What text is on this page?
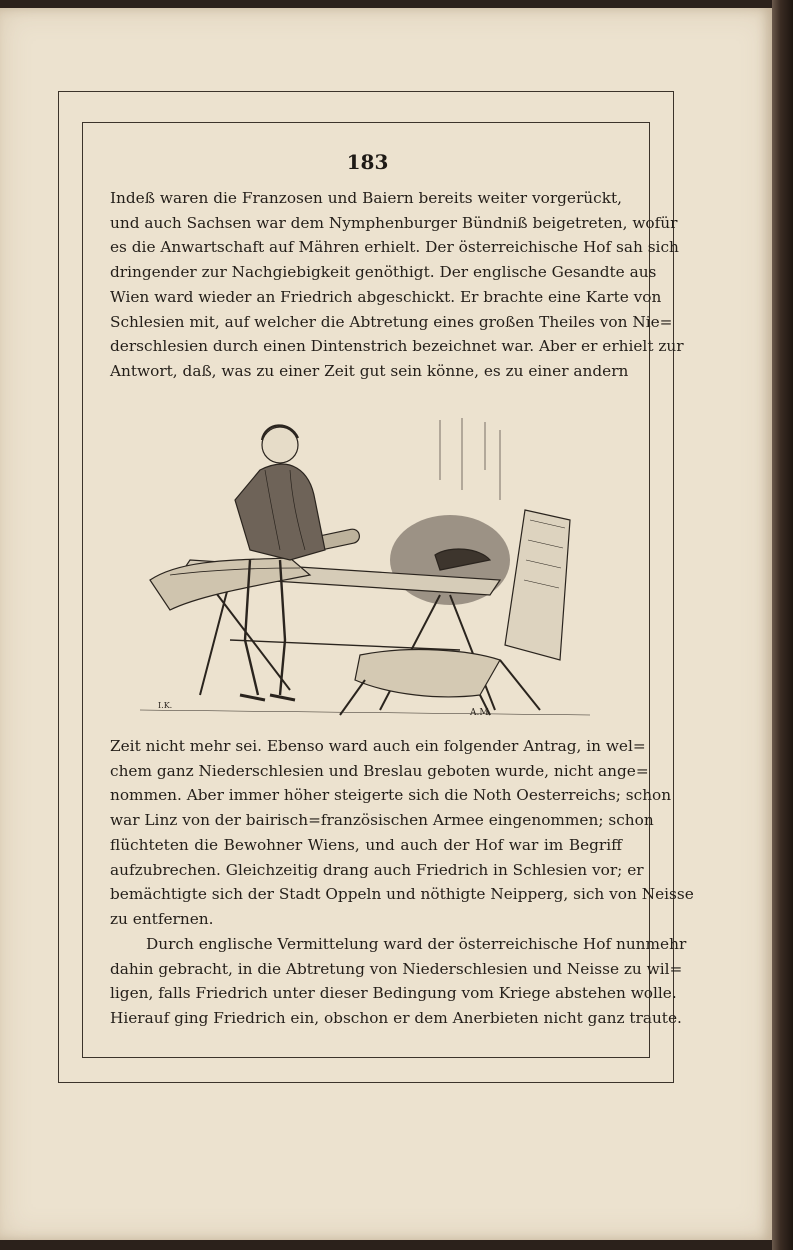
183
Indeß waren die Franzosen und Baiern bereits weiter vorgerückt,
und auch Sachsen war dem Nymphenburger Bündniß beigetreten, wofür
es die Anwartschaft auf Mähren erhielt. Der österreichische Hof sah sich
dringender zur Nachgiebigkeit genöthigt. Der englische Gesandte aus
Wien ward wieder an Friedrich abgeschickt. Er brachte eine Karte von
Schlesien mit, auf welcher die Abtretung eines großen Theiles von Nie=
derschlesien durch einen Dintenstrich bezeichnet war. Aber er erhielt zur
Antwort, daß, was zu einer Zeit gut sein könne, es zu einer andern
I.K.
A.M.
Zeit nicht mehr sei. Ebenso ward auch ein folgender Antrag, in wel=
chem ganz Niederschlesien und Breslau geboten wurde, nicht ange=
nommen. Aber immer höher steigerte sich die Noth Oesterreichs; schon
war Linz von der bairisch=französischen Armee eingenommen; schon
flüchteten die Bewohner Wiens, und auch der Hof war im Begriff
aufzubrechen. Gleichzeitig drang auch Friedrich in Schlesien vor; er
bemächtigte sich der Stadt Oppeln und nöthigte Neipperg, sich von Neisse
zu entfernen.
Durch englische Vermittelung ward der österreichische Hof nunmehr
dahin gebracht, in die Abtretung von Niederschlesien und Neisse zu wil=
ligen, falls Friedrich unter dieser Bedingung vom Kriege abstehen wolle.
Hierauf ging Friedrich ein, obschon er dem Anerbieten nicht ganz traute.
